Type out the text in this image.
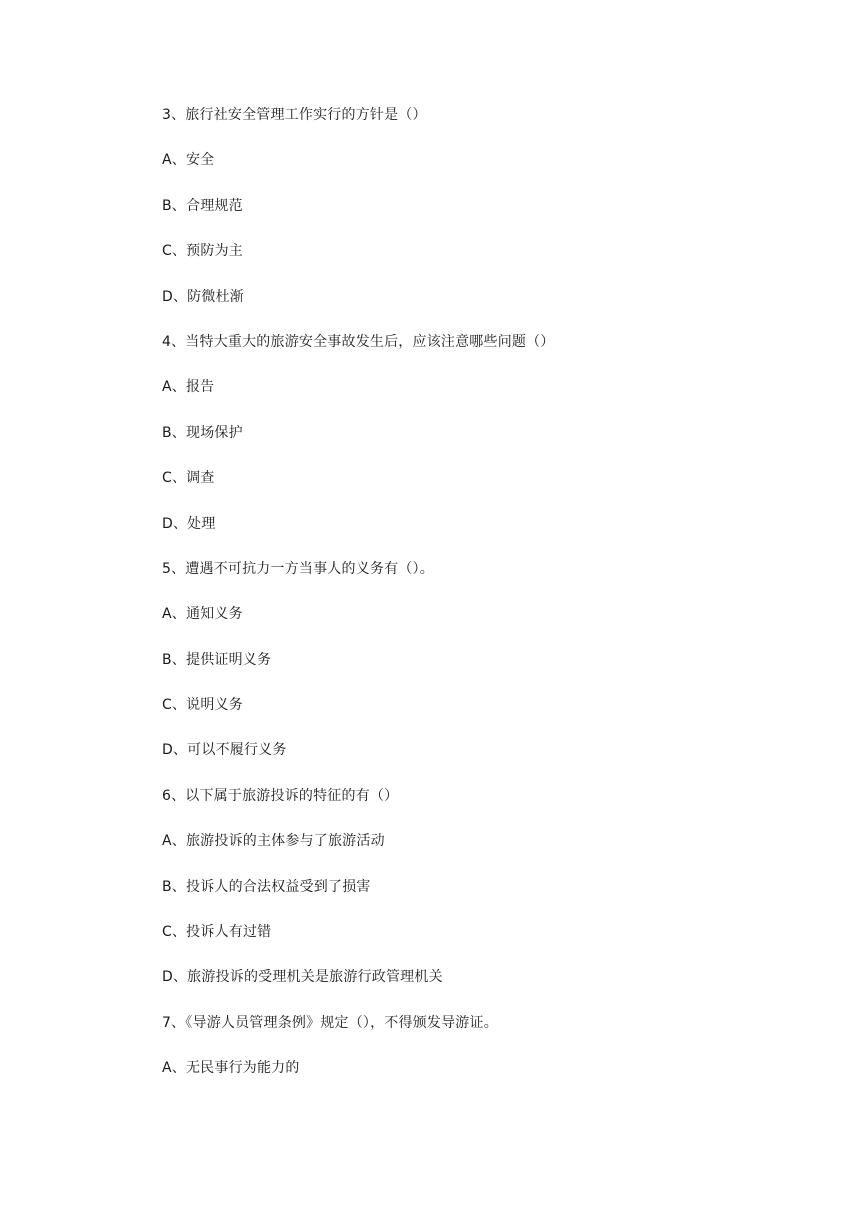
3、旅行社安全管理工作实行的方针是（）
A、安全
B、合理规范
C、预防为主
D、防微杜渐
4、当特大重大的旅游安全事故发生后，应该注意哪些问题（）
A、报告
B、现场保护
C、调查
D、处理
5、遭遇不可抗力一方当事人的义务有（）。
A、通知义务
B、提供证明义务
C、说明义务
D、可以不履行义务
6、以下属于旅游投诉的特征的有（）
A、旅游投诉的主体参与了旅游活动
B、投诉人的合法权益受到了损害
C、投诉人有过错
D、旅游投诉的受理机关是旅游行政管理机关
7、《导游人员管理条例》规定（），不得颁发导游证。
A、无民事行为能力的
